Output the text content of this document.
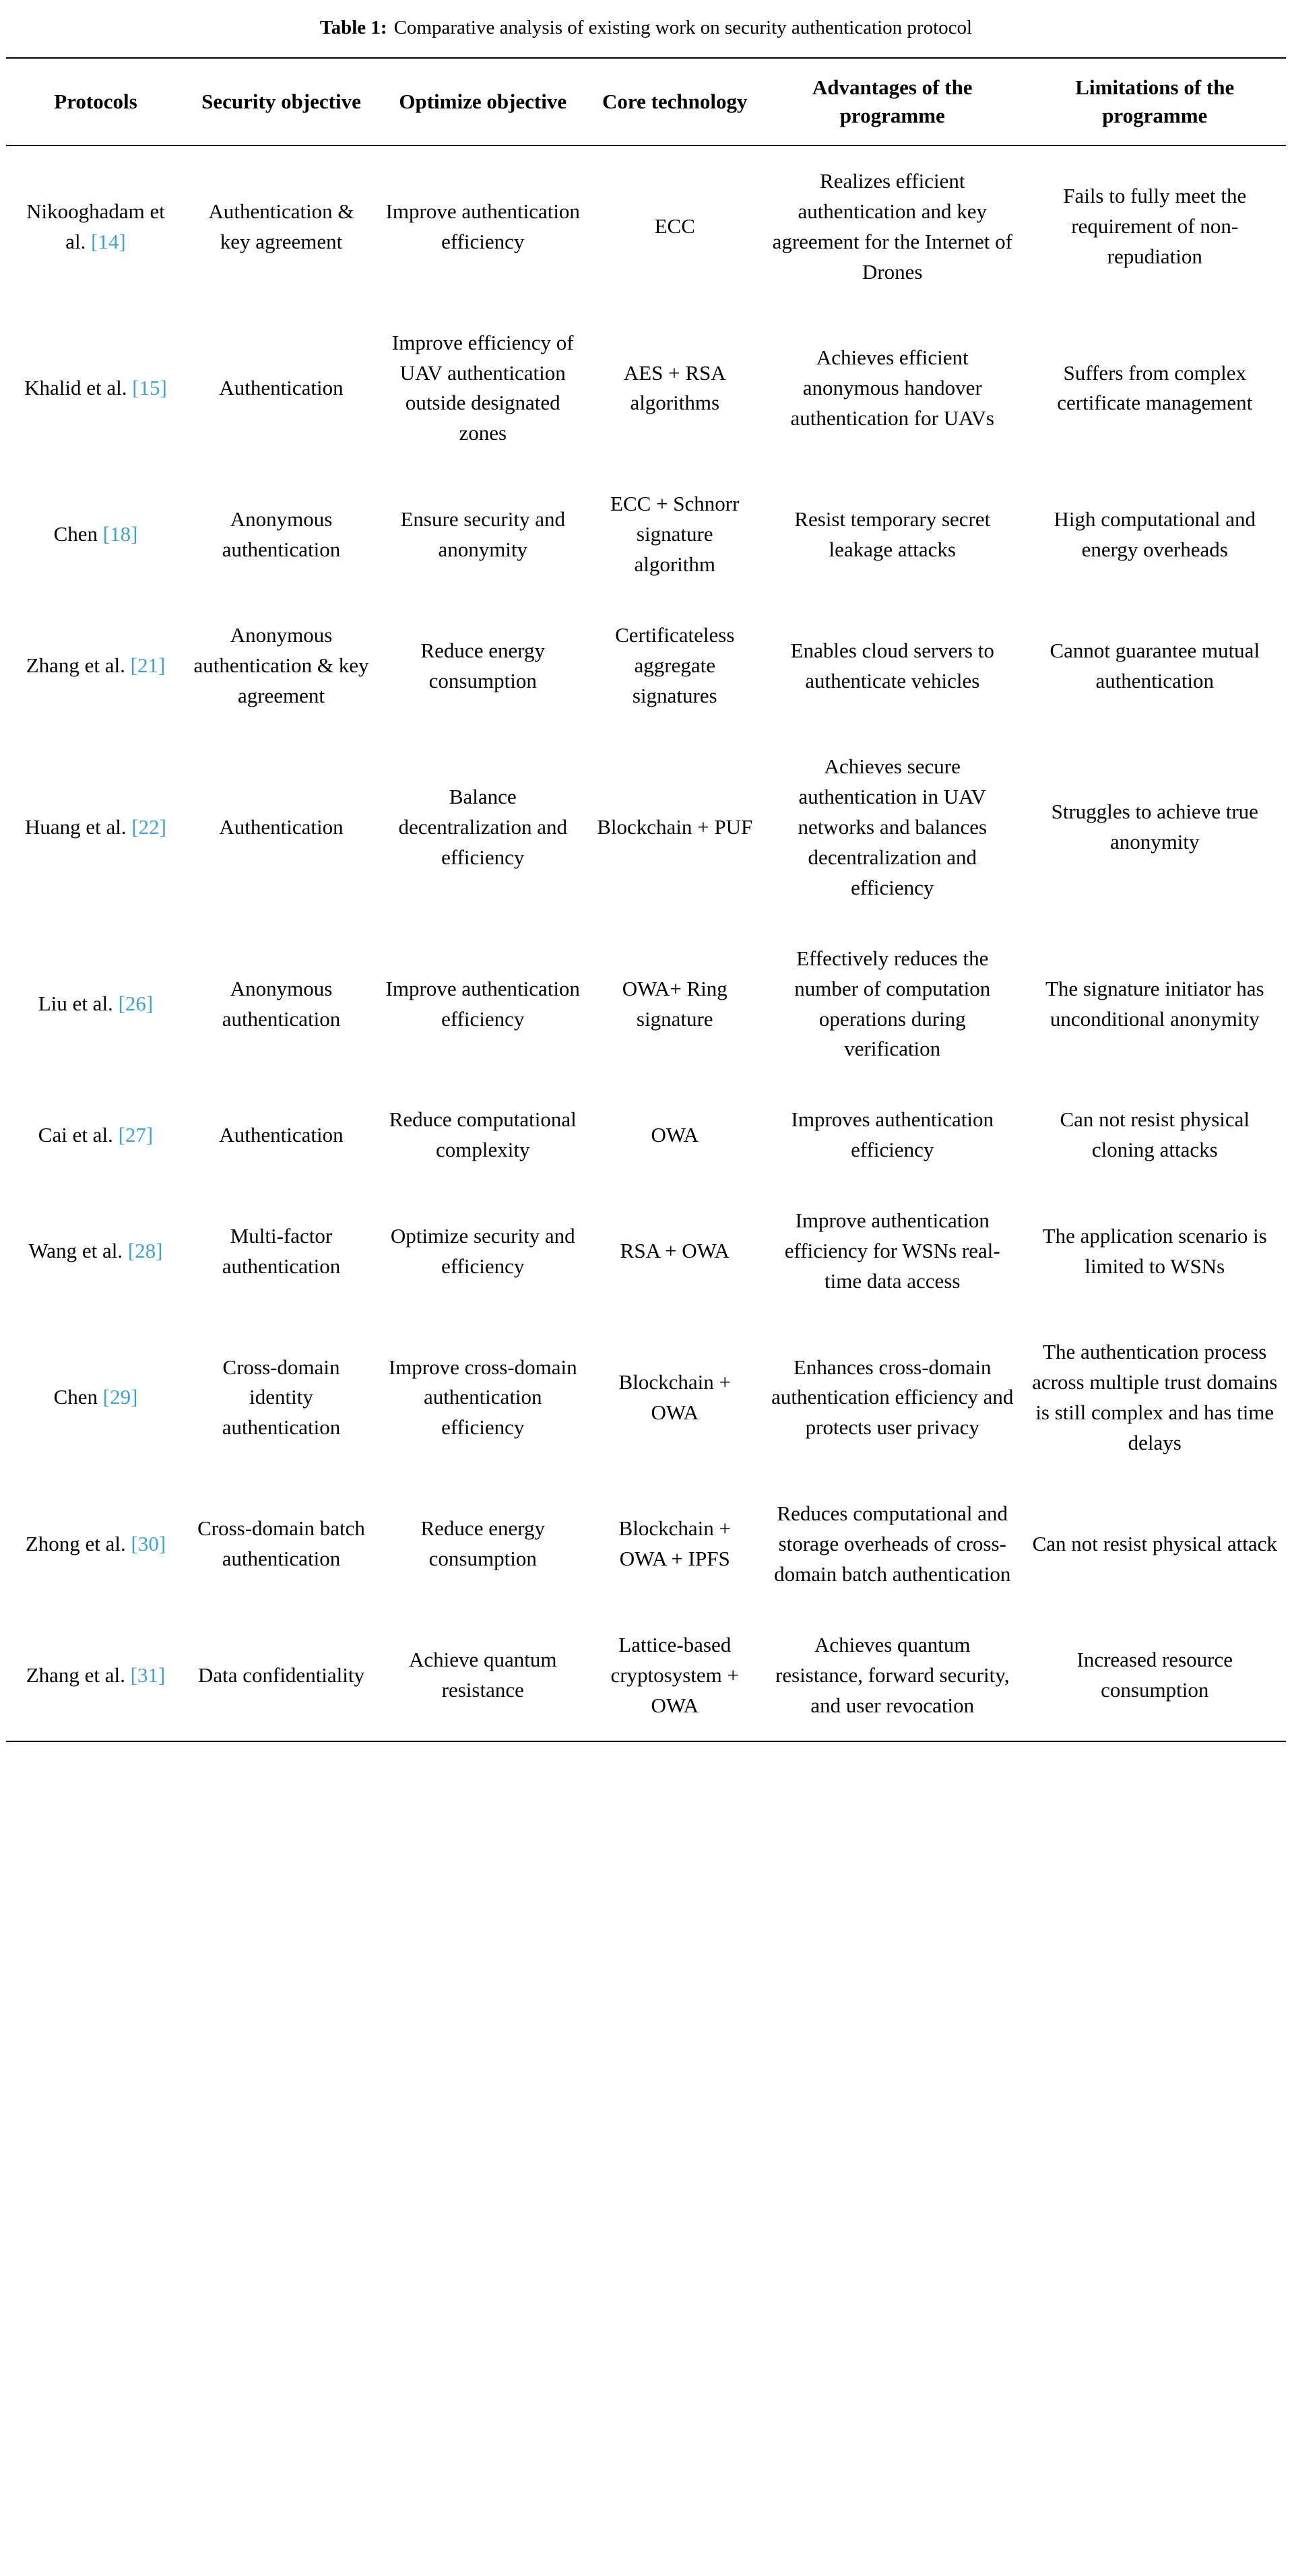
Table 1: Comparative analysis of existing work on security authentication protocol
Protocols	Security objective	Optimize objective	Core technology	Advantages of the programme	Limitations of the programme
Nikooghadam et al. [14]	Authentication & key agreement	Improve authentication efficiency	ECC	Realizes efficient authentication and key agreement for the Internet of Drones	Fails to fully meet the requirement of non-repudiation
Khalid et al. [15]	Authentication	Improve efficiency of UAV authentication outside designated zones	AES + RSA algorithms	Achieves efficient anonymous handover authentication for UAVs	Suffers from complex certificate management
Chen [18]	Anonymous authentication	Ensure security and anonymity	ECC + Schnorr signature algorithm	Resist temporary secret leakage attacks	High computational and energy overheads
Zhang et al. [21]	Anonymous authentication & key agreement	Reduce energy consumption	Certificateless aggregate signatures	Enables cloud servers to authenticate vehicles	Cannot guarantee mutual authentication
Huang et al. [22]	Authentication	Balance decentralization and efficiency	Blockchain + PUF	Achieves secure authentication in UAV networks and balances decentralization and efficiency	Struggles to achieve true anonymity
Liu et al. [26]	Anonymous authentication	Improve authentication efficiency	OWA+ Ring signature	Effectively reduces the number of computation operations during verification	The signature initiator has unconditional anonymity
Cai et al. [27]	Authentication	Reduce computational complexity	OWA	Improves authentication efficiency	Can not resist physical cloning attacks
Wang et al. [28]	Multi-factor authentication	Optimize security and efficiency	RSA + OWA	Improve authentication efficiency for WSNs real-time data access	The application scenario is limited to WSNs
Chen [29]	Cross-domain identity authentication	Improve cross-domain authentication efficiency	Blockchain + OWA	Enhances cross-domain authentication efficiency and protects user privacy	The authentication process across multiple trust domains is still complex and has time delays
Zhong et al. [30]	Cross-domain batch authentication	Reduce energy consumption	Blockchain + OWA + IPFS	Reduces computational and storage overheads of cross-domain batch authentication	Can not resist physical attack
Zhang et al. [31]	Data confidentiality	Achieve quantum resistance	Lattice-based cryptosystem + OWA	Achieves quantum resistance, forward security, and user revocation	Increased resource consumption
